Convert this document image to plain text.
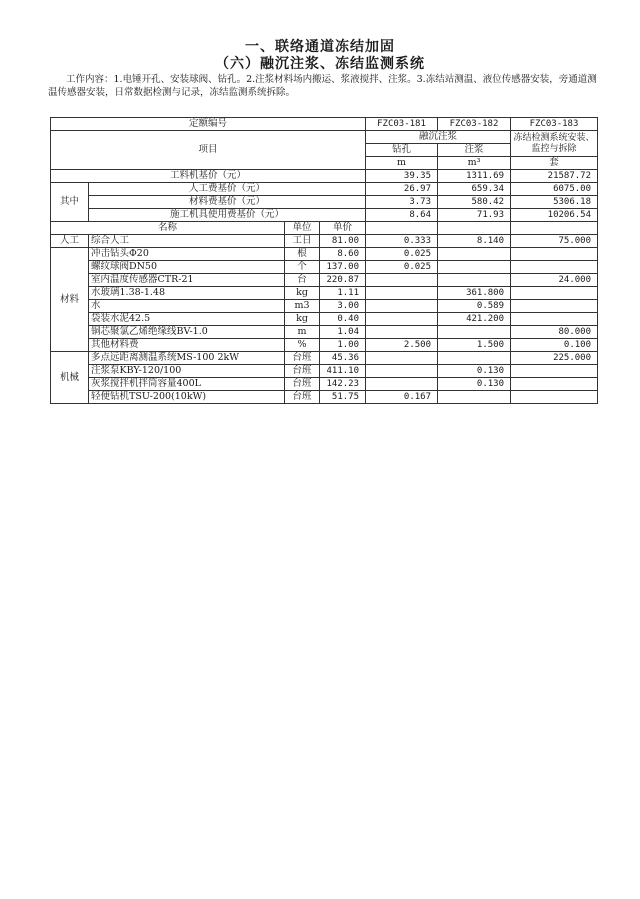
一、联络通道冻结加固
（六）融沉注浆、冻结监测系统
工作内容：1.电锤开孔、安装球阀、钻孔。2.注浆材料场内搬运、浆液搅拌、注浆。3.冻结站测温、液位传感器安装，旁通道测温传感器安装，日常数据检测与记录，冻结监测系统拆除。
定额编号				FZC03-181	FZC03-182	FZC03-183
项目				融沉注浆		冻结检测系统安装、监控与拆除
				钻孔	注浆	
				m	m³	套
工料机基价（元）				39.35	1311.69	21587.72
其中	人工费基价（元）			26.97	659.34	6075.00
	材料费基价（元）			3.73	580.42	5306.18
	施工机具使用费基价（元）			8.64	71.93	10206.54
名称		单位	单价			
人工	综合人工	工日	81.00	0.333	8.140	75.000
材料	冲击钻头Φ20	根	8.60	0.025		
	螺纹球阀DN50	个	137.00	0.025		
	室内温度传感器CTR-21	台	220.87			24.000
	水玻璃1.38-1.48	kg	1.11		361.800	
	水	m3	3.00		0.589	
	袋装水泥42.5	kg	0.40		421.200	
	铜芯聚氯乙烯绝缘线BV-1.0	m	1.04			80.000
	其他材料费	%	1.00	2.500	1.500	0.100
机械	多点远距离测温系统MS-100 2kW	台班	45.36			225.000
	注浆泵KBY-120/100	台班	411.10		0.130	
	灰浆搅拌机拌筒容量400L	台班	142.23		0.130	
	轻便钻机TSU-200(10kW)	台班	51.75	0.167		
